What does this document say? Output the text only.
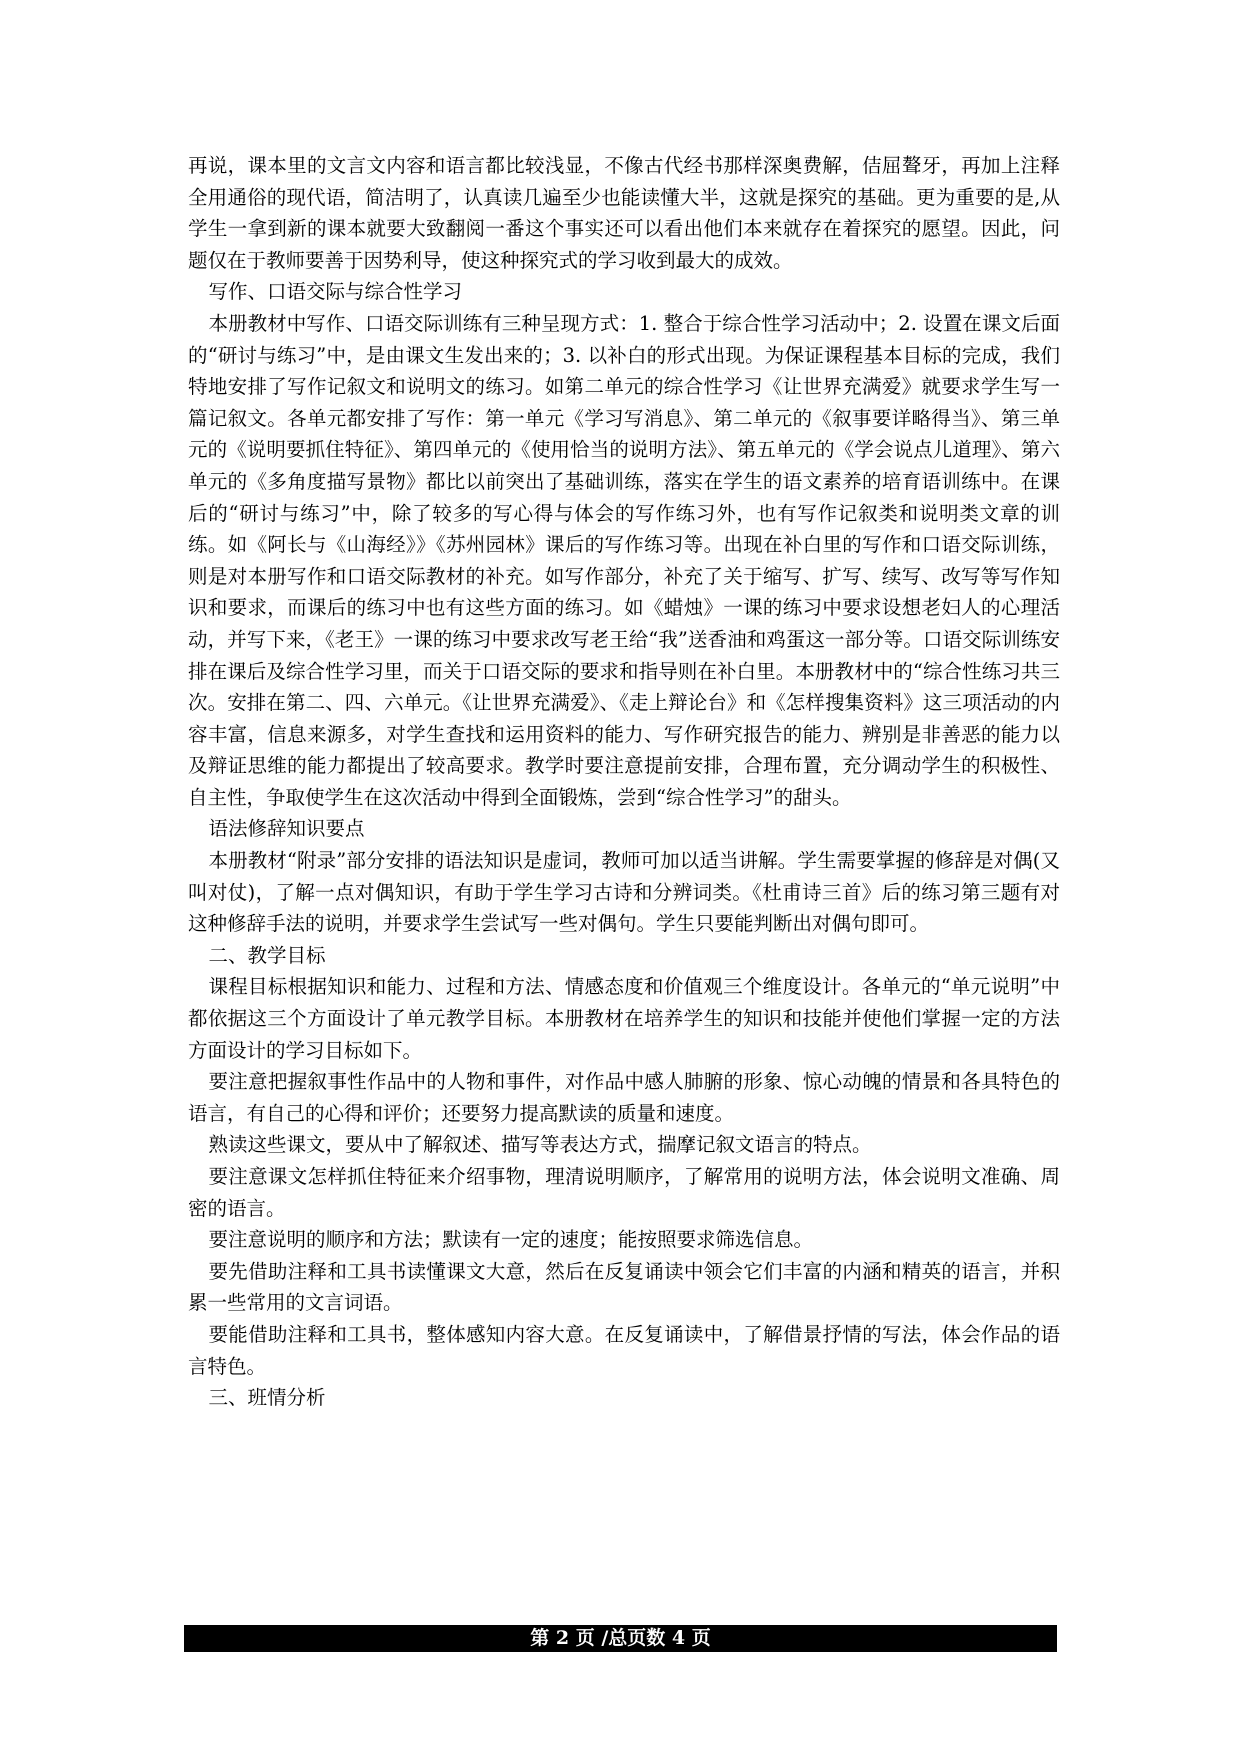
再说，课本里的文言文内容和语言都比较浅显，不像古代经书那样深奥费解，佶屈聱牙，再加上注释全用通俗的现代语，简洁明了，认真读几遍至少也能读懂大半，这就是探究的基础。更为重要的是,从学生一拿到新的课本就要大致翻阅一番这个事实还可以看出他们本来就存在着探究的愿望。因此，问题仅在于教师要善于因势利导，使这种探究式的学习收到最大的成效。

写作、口语交际与综合性学习

本册教材中写作、口语交际训练有三种呈现方式：1. 整合于综合性学习活动中；2. 设置在课文后面的“研讨与练习”中，是由课文生发出来的；3. 以补白的形式出现。为保证课程基本目标的完成，我们特地安排了写作记叙文和说明文的练习。如第二单元的综合性学习《让世界充满爱》就要求学生写一篇记叙文。各单元都安排了写作：第一单元《学习写消息》、第二单元的《叙事要详略得当》、第三单元的《说明要抓住特征》、第四单元的《使用恰当的说明方法》、第五单元的《学会说点儿道理》、第六单元的《多角度描写景物》都比以前突出了基础训练，落实在学生的语文素养的培育语训练中。在课后的“研讨与练习”中，除了较多的写心得与体会的写作练习外，也有写作记叙类和说明类文章的训练。如《阿长与《山海经》》《苏州园林》课后的写作练习等。出现在补白里的写作和口语交际训练，则是对本册写作和口语交际教材的补充。如写作部分，补充了关于缩写、扩写、续写、改写等写作知识和要求，而课后的练习中也有这些方面的练习。如《蜡烛》一课的练习中要求设想老妇人的心理活动，并写下来，《老王》一课的练习中要求改写老王给“我”送香油和鸡蛋这一部分等。口语交际训练安排在课后及综合性学习里，而关于口语交际的要求和指导则在补白里。本册教材中的“综合性练习共三次。安排在第二、四、六单元。《让世界充满爱》、《走上辩论台》和《怎样搜集资料》这三项活动的内容丰富，信息来源多，对学生查找和运用资料的能力、写作研究报告的能力、辨别是非善恶的能力以及辩证思维的能力都提出了较高要求。教学时要注意提前安排，合理布置，充分调动学生的积极性、自主性，争取使学生在这次活动中得到全面锻炼，尝到“综合性学习”的甜头。

语法修辞知识要点

本册教材“附录”部分安排的语法知识是虚词，教师可加以适当讲解。学生需要掌握的修辞是对偶(又叫对仗)，了解一点对偶知识，有助于学生学习古诗和分辨词类。《杜甫诗三首》后的练习第三题有对这种修辞手法的说明，并要求学生尝试写一些对偶句。学生只要能判断出对偶句即可。

二、教学目标

课程目标根据知识和能力、过程和方法、情感态度和价值观三个维度设计。各单元的“单元说明”中都依据这三个方面设计了单元教学目标。本册教材在培养学生的知识和技能并使他们掌握一定的方法方面设计的学习目标如下。

要注意把握叙事性作品中的人物和事件，对作品中感人肺腑的形象、惊心动魄的情景和各具特色的语言，有自己的心得和评价；还要努力提高默读的质量和速度。

熟读这些课文，要从中了解叙述、描写等表达方式，揣摩记叙文语言的特点。

要注意课文怎样抓住特征来介绍事物，理清说明顺序，了解常用的说明方法，体会说明文准确、周密的语言。

要注意说明的顺序和方法；默读有一定的速度；能按照要求筛选信息。

要先借助注释和工具书读懂课文大意，然后在反复诵读中领会它们丰富的内涵和精英的语言，并积累一些常用的文言词语。

要能借助注释和工具书，整体感知内容大意。在反复诵读中，了解借景抒情的写法，体会作品的语言特色。

三、班情分析

第 2 页 /总页数 4 页
